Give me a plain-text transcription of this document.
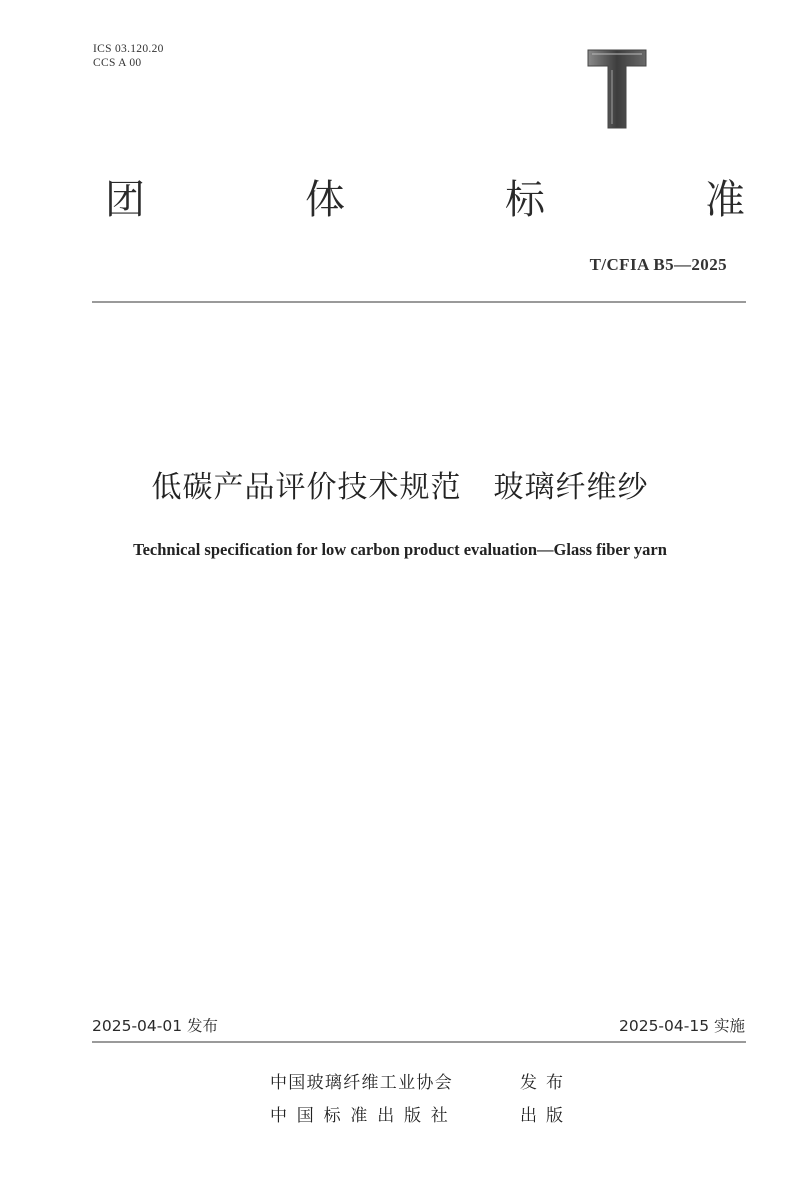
ICS 03.120.20
CCS A 00
团	体	标	准
T/CFIA B5—2025
低碳产品评价技术规范 玻璃纤维纱
Technical specification for low carbon product evaluation—Glass fiber yarn
2025-04-01 发布	2025-04-15 实施
中国玻璃纤维工业协会	发布
中国标准出版社	出版
